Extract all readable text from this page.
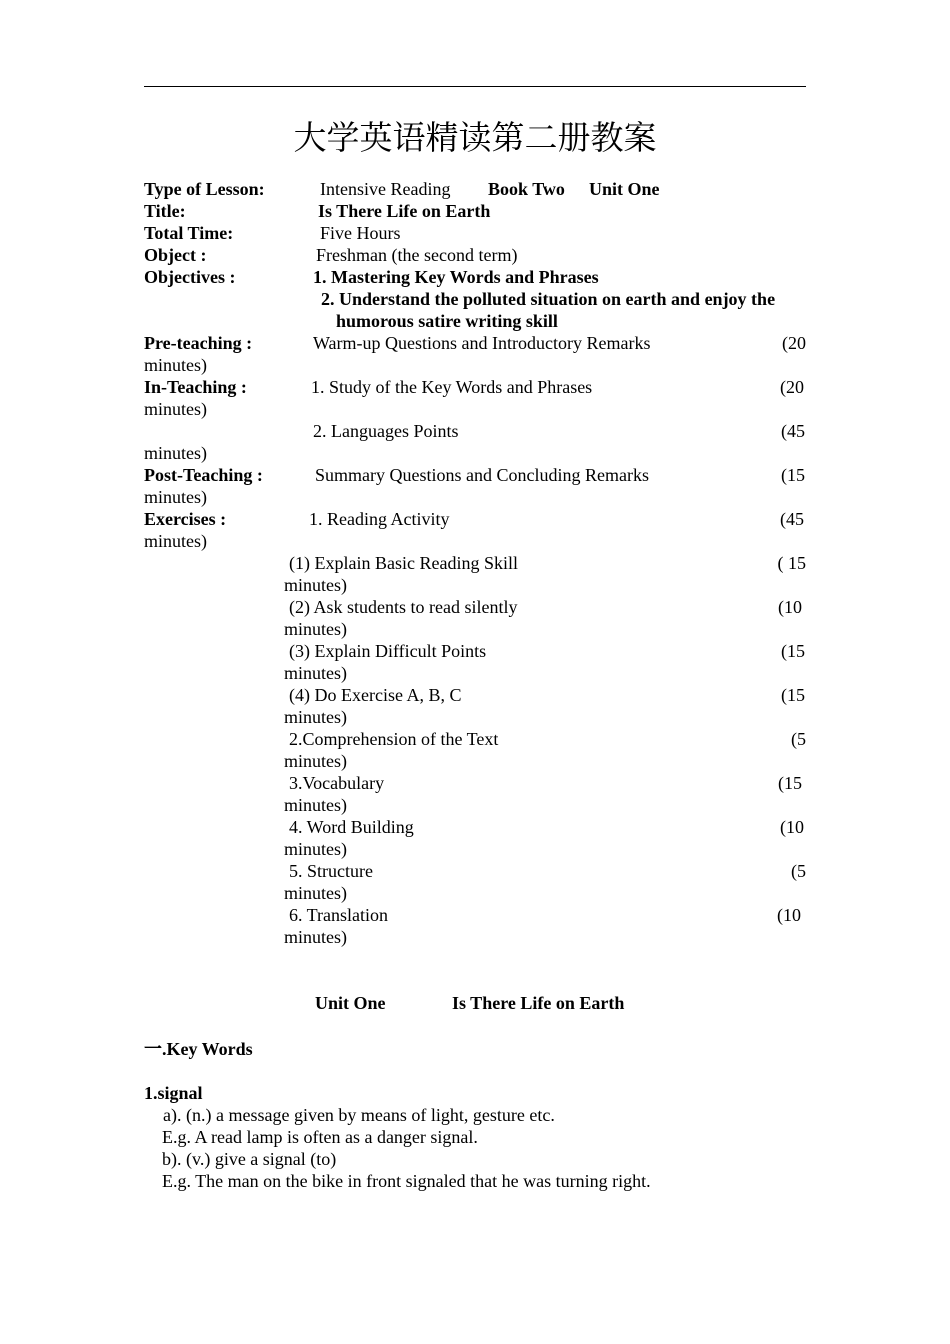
大学英语精读第二册教案
Type of Lesson:	Intensive Reading Book Two Unit One
Title:	Is There Life on Earth
Total Time:	Five Hours
Object :	Freshman (the second term)
Objectives :	1. Mastering Key Words and Phrases
2. Understand the polluted situation on earth and enjoy the
humorous satire writing skill
Pre-teaching :	Warm-up Questions and Introductory Remarks	(20
minutes)
In-Teaching :	1. Study of the Key Words and Phrases	(20
minutes)
2. Languages Points	(45
minutes)
Post-Teaching :	Summary Questions and Concluding Remarks	(15
minutes)
Exercises :	1. Reading Activity	(45
minutes)
(1) Explain Basic Reading Skill	( 15
minutes)
(2) Ask students to read silently	(10
minutes)
(3) Explain Difficult Points	(15
minutes)
(4) Do Exercise A, B, C	(15
minutes)
2.Comprehension of the Text	(5
minutes)
3.Vocabulary	(15
minutes)
4. Word Building	(10
minutes)
5. Structure	(5
minutes)
6. Translation	(10
minutes)
Unit One	Is There Life on Earth
一.Key Words
1.signal
a). (n.) a message given by means of light, gesture etc.
E.g. A read lamp is often as a danger signal.
b). (v.) give a signal (to)
E.g. The man on the bike in front signaled that he was turning right.
